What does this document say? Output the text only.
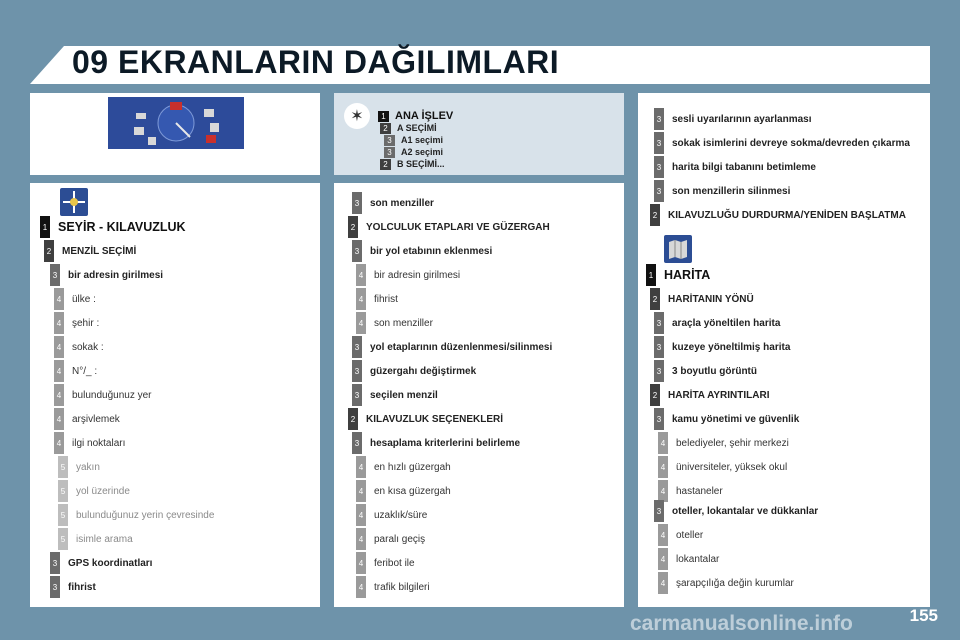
09 EKRANLARIN DAĞILIMLARI
✶	1 ANA İŞLEV
2	A SEÇİMİ
3	A1 seçimi
3	A2 seçimi
2	B SEÇİMİ...
1 SEYİR - KILAVUZLUK
2 MENZİL SEÇİMİ
3 bir adresin girilmesi
4 ülke :
4 şehir :
4 sokak :
4 N°/_ :
4 bulunduğunuz yer
4 arşivlemek
4 ilgi noktaları
5 yakın
5 yol üzerinde
5 bulunduğunuz yerin çevresinde
5 isimle arama
3 GPS koordinatları
3 fihrist
3 son menziller
2 YOLCULUK ETAPLARI VE GÜZERGAH
3 bir yol etabının eklenmesi
4 bir adresin girilmesi
4 fihrist
4 son menziller
3 yol etaplarının düzenlenmesi/silinmesi
3 güzergahı değiştirmek
3 seçilen menzil
2 KILAVUZLUK SEÇENEKLERİ
3 hesaplama kriterlerini belirleme
4 en hızlı güzergah
4 en kısa güzergah
4 uzaklık/süre
4 paralı geçiş
4 feribot ile
4 trafik bilgileri
3 sesli uyarılarının ayarlanması
3 sokak isimlerini devreye sokma/devreden çıkarma
3 harita bilgi tabanını betimleme
3 son menzillerin silinmesi
2 KILAVUZLUĞU DURDURMA/YENİDEN BAŞLATMA
1 HARİTA
2 HARİTANIN YÖNÜ
3 araçla yöneltilen harita
3 kuzeye yöneltilmiş harita
3 3 boyutlu görüntü
2 HARİTA AYRINTILARI
3 kamu yönetimi ve güvenlik
4 belediyeler, şehir merkezi
4 üniversiteler, yüksek okul
4 hastaneler
3 oteller, lokantalar ve dükkanlar
4 oteller
4 lokantalar
4 şarapçılığa değin kurumlar
carmanualsonline.info	155
